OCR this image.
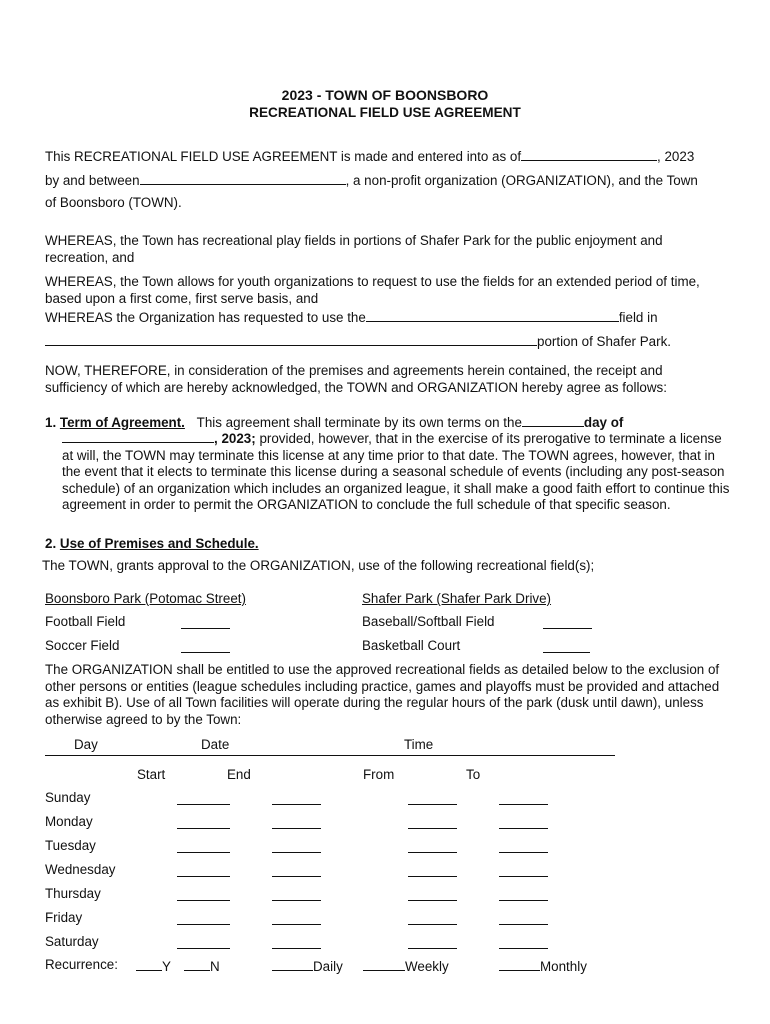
2023 - TOWN OF BOONSBORO
RECREATIONAL FIELD USE AGREEMENT
This RECREATIONAL FIELD USE AGREEMENT is made and entered into as of	, 2023
by and between	, a non-profit organization (ORGANIZATION), and the Town
of Boonsboro (TOWN).
WHEREAS, the Town has recreational play fields in portions of Shafer Park for the public enjoyment and recreation, and
WHEREAS, the Town allows for youth organizations to request to use the fields for an extended period of time, based upon a first come, first serve basis, and
WHEREAS the Organization has requested to use the	field in
portion of Shafer Park.
NOW, THEREFORE, in consideration of the premises and agreements herein contained, the receipt and sufficiency of which are hereby acknowledged, the TOWN and ORGANIZATION hereby agree as follows:
1. Term of Agreement. This agreement shall terminate by its own terms on the	day of
, 2023; provided, however, that in the exercise of its prerogative to terminate a license at will, the TOWN may terminate this license at any time prior to that date. The TOWN agrees, however, that in the event that it elects to terminate this license during a seasonal schedule of events (including any post-season schedule) of an organization which includes an organized league, it shall make a good faith effort to continue this agreement in order to permit the ORGANIZATION to conclude the full schedule of that specific season.
2. Use of Premises and Schedule.
The TOWN, grants approval to the ORGANIZATION, use of the following recreational field(s);
Boonsboro Park (Potomac Street)	Shafer Park (Shafer Park Drive)
Football Field	Baseball/Softball Field
Soccer Field	Basketball Court
The ORGANIZATION shall be entitled to use the approved recreational fields as detailed below to the exclusion of other persons or entities (league schedules including practice, games and playoffs must be provided and attached as exhibit B). Use of all Town facilities will operate during the regular hours of the park (dusk until dawn), unless otherwise agreed to by the Town:
Day	Date	Time
Start	End	From	To
Sunday
Monday
Tuesday
Wednesday
Thursday
Friday
Saturday
Recurrence:	Y	N	Daily	Weekly	Monthly
